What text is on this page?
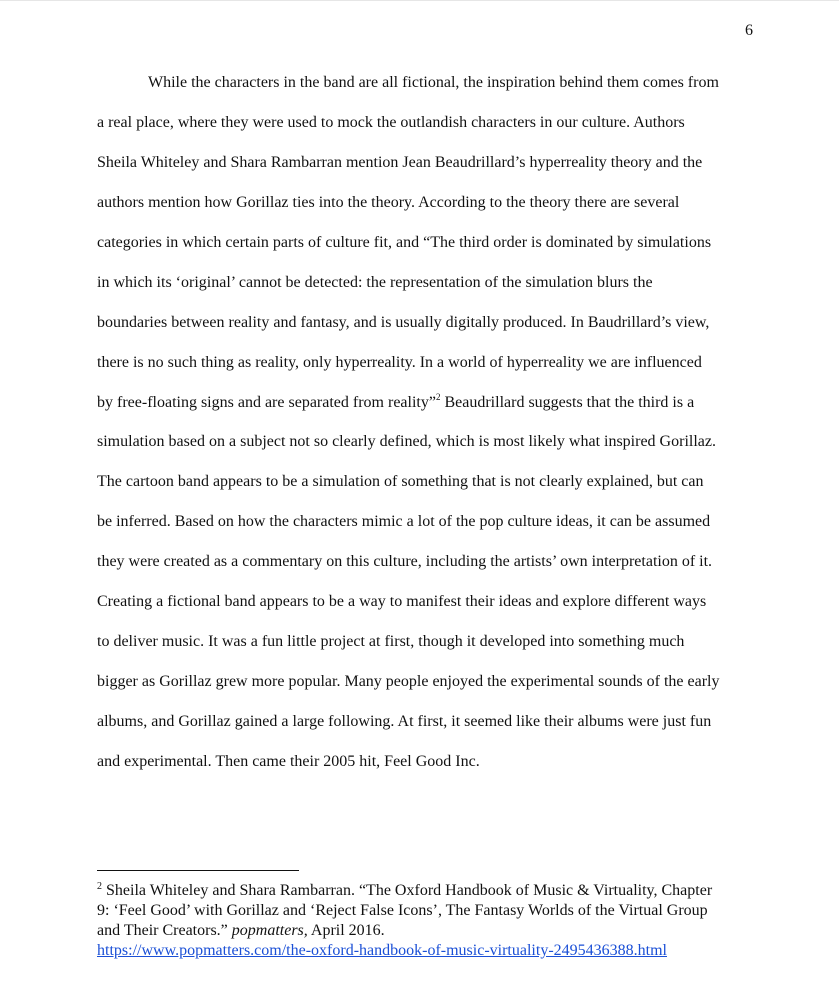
6
While the characters in the band are all fictional, the inspiration behind them comes from
a real place, where they were used to mock the outlandish characters in our culture. Authors
Sheila Whiteley and Shara Rambarran mention Jean Beaudrillard’s hyperreality theory and the
authors mention how Gorillaz ties into the theory. According to the theory there are several
categories in which certain parts of culture fit, and “The third order is dominated by simulations
in which its ‘original’ cannot be detected: the representation of the simulation blurs the
boundaries between reality and fantasy, and is usually digitally produced. In Baudrillard’s view,
there is no such thing as reality, only hyperreality. In a world of hyperreality we are influenced
by free-floating signs and are separated from reality”$^2$ Beaudrillard suggests that the third is a
simulation based on a subject not so clearly defined, which is most likely what inspired Gorillaz.
The cartoon band appears to be a simulation of something that is not clearly explained, but can
be inferred. Based on how the characters mimic a lot of the pop culture ideas, it can be assumed
they were created as a commentary on this culture, including the artists’ own interpretation of it.
Creating a fictional band appears to be a way to manifest their ideas and explore different ways
to deliver music. It was a fun little project at first, though it developed into something much
bigger as Gorillaz grew more popular. Many people enjoyed the experimental sounds of the early
albums, and Gorillaz gained a large following. At first, it seemed like their albums were just fun
and experimental. Then came their 2005 hit, Feel Good Inc.
$^2$ Sheila Whiteley and Shara Rambarran. “The Oxford Handbook of Music & Virtuality, Chapter
9: ‘Feel Good’ with Gorillaz and ‘Reject False Icons’, The Fantasy Worlds of the Virtual Group
and Their Creators.” popmatters, April 2016.
https://www.popmatters.com/the-oxford-handbook-of-music-virtuality-2495436388.html
